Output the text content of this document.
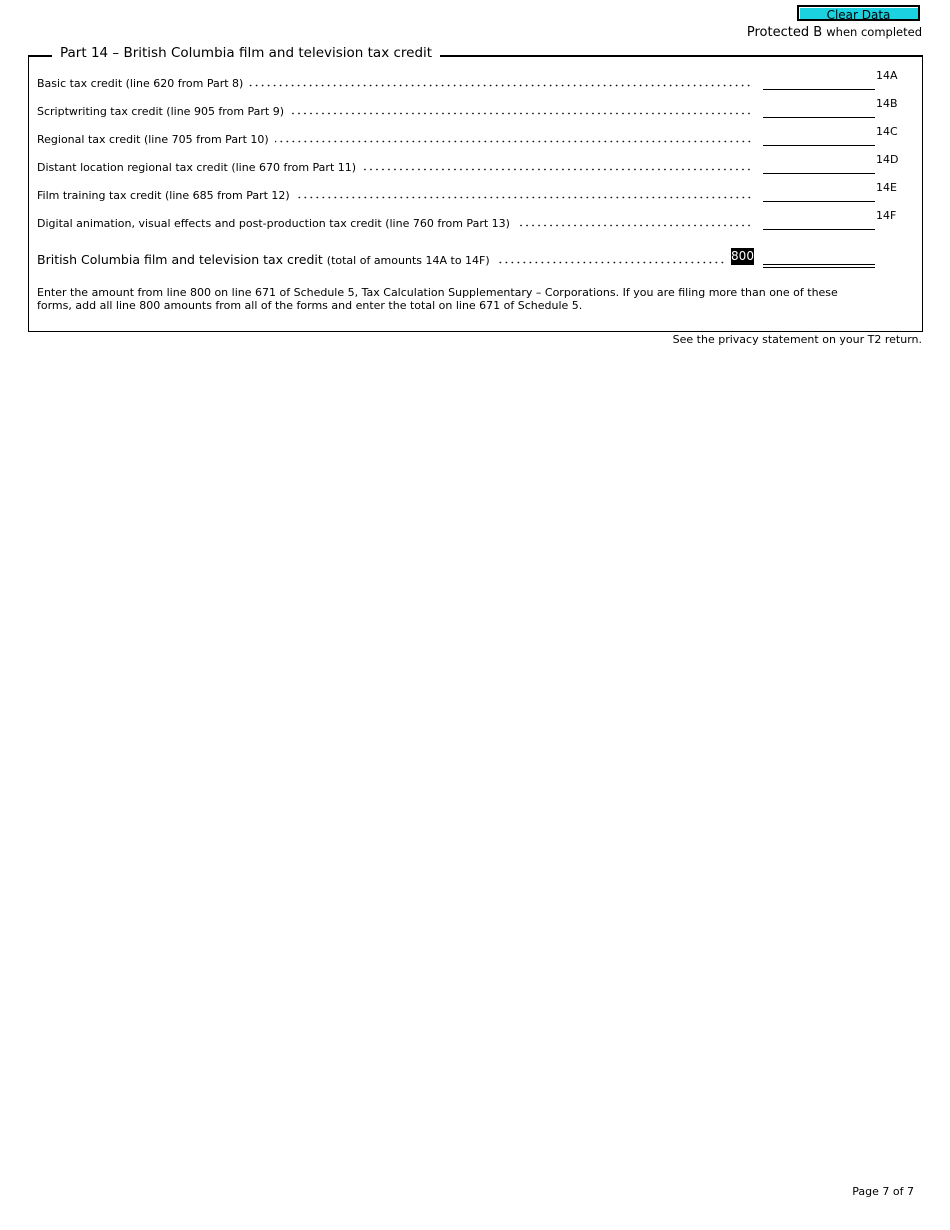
Clear Data
Protected B when completed
Part 14 – British Columbia film and television tax credit
Basic tax credit (line 620 from Part 8)
14A
Scriptwriting tax credit (line 905 from Part 9)
14B
Regional tax credit (line 705 from Part 10)
14C
Distant location regional tax credit (line 670 from Part 11)
14D
Film training tax credit (line 685 from Part 12)
14E
Digital animation, visual effects and post-production tax credit (line 760 from Part 13)
14F
British Columbia film and television tax credit (total of amounts 14A to 14F)	800
Enter the amount from line 800 on line 671 of Schedule 5, Tax Calculation Supplementary – Corporations. If you are filing more than one of these forms, add all line 800 amounts from all of the forms and enter the total on line 671 of Schedule 5.
See the privacy statement on your T2 return.
Page 7 of 7
